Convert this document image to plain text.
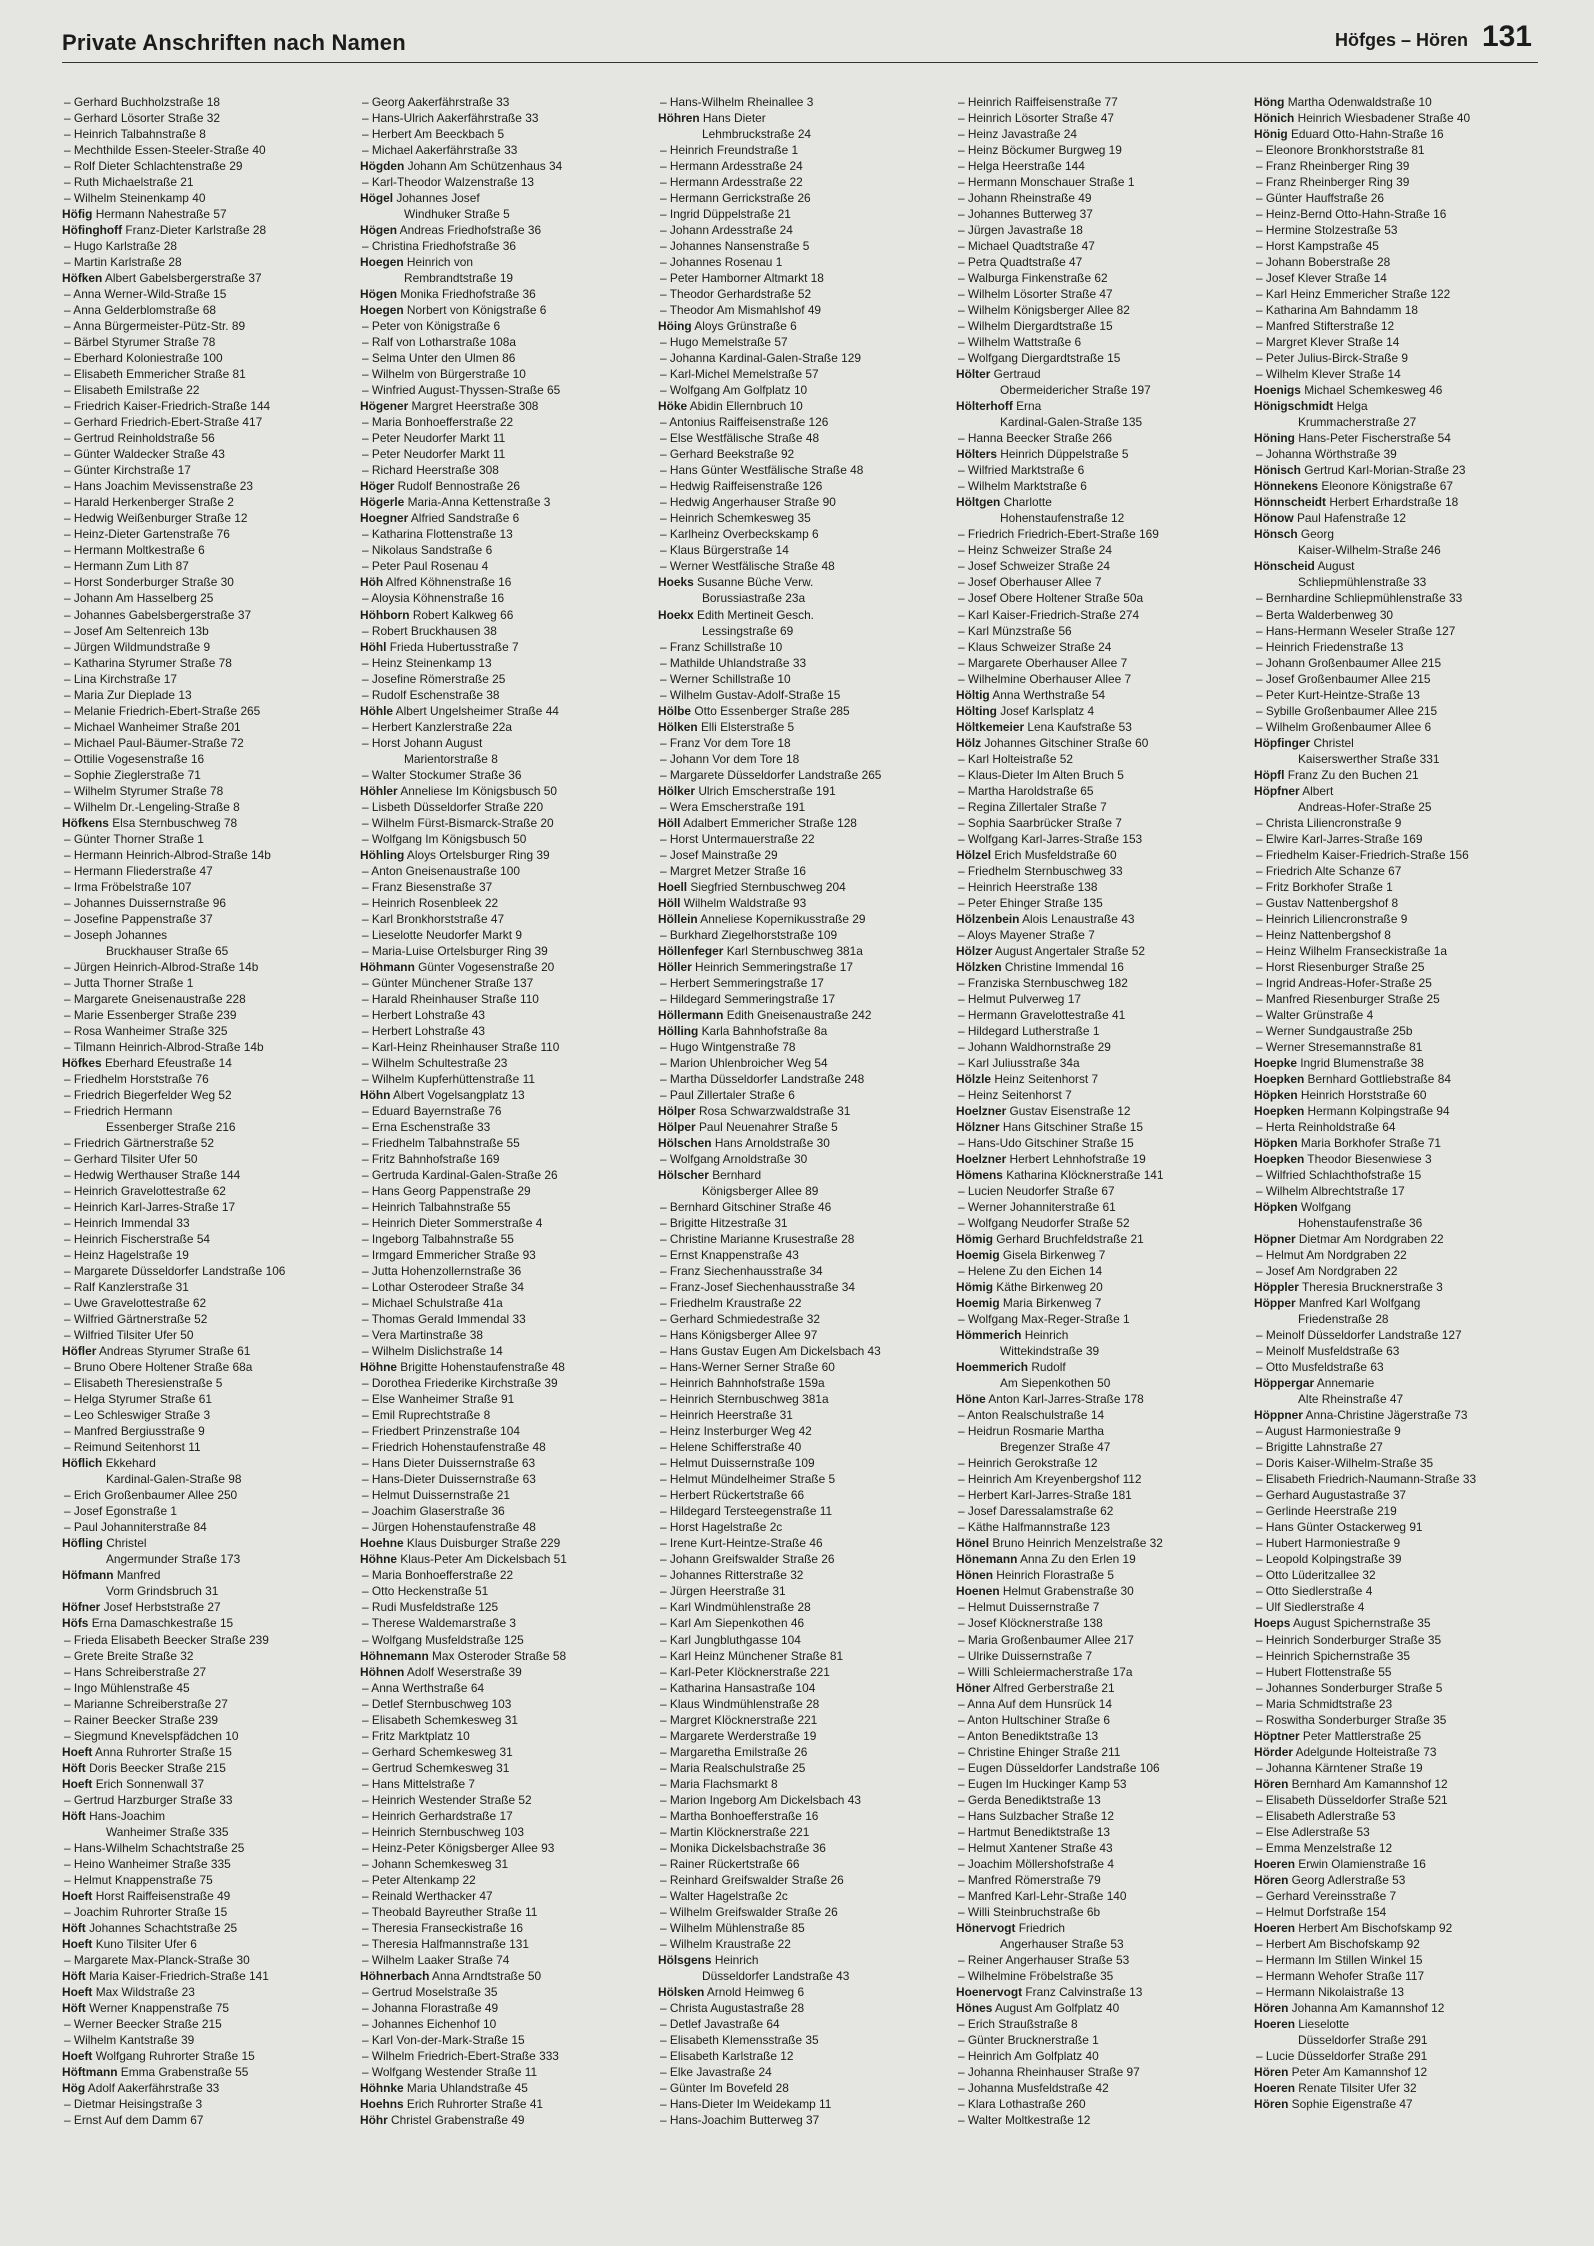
Private Anschriften nach Namen	Höfges – Hören 131
– Gerhard Buchholzstraße 18
– Gerhard Lösorter Straße 32
– Heinrich Talbahnstraße 8
– Mechthilde Essen-Steeler-Straße 40
– Rolf Dieter Schlachtenstraße 29
– Ruth Michaelstraße 21
– Wilhelm Steinenkamp 40
Höfig Hermann Nahestraße 57
Höfinghoff Franz-Dieter Karlstraße 28
– Hugo Karlstraße 28
– Martin Karlstraße 28
Höfken Albert Gabelsbergerstraße 37
– Anna Werner-Wild-Straße 15
– Anna Gelderblomstraße 68
– Anna Bürgermeister-Pütz-Str. 89
– Bärbel Styrumer Straße 78
– Eberhard Koloniestraße 100
– Elisabeth Emmericher Straße 81
– Elisabeth Emilstraße 22
– Friedrich Kaiser-Friedrich-Straße 144
– Gerhard Friedrich-Ebert-Straße 417
– Gertrud Reinholdstraße 56
– Günter Waldecker Straße 43
– Günter Kirchstraße 17
– Hans Joachim Mevissenstraße 23
– Harald Herkenberger Straße 2
– Hedwig Weißenburger Straße 12
– Heinz-Dieter Gartenstraße 76
– Hermann Moltkestraße 6
– Hermann Zum Lith 87
– Horst Sonderburger Straße 30
– Johann Am Hasselberg 25
– Johannes Gabelsbergerstraße 37
– Josef Am Seltenreich 13b
– Jürgen Wildmundstraße 9
– Katharina Styrumer Straße 78
– Lina Kirchstraße 17
– Maria Zur Dieplade 13
– Melanie Friedrich-Ebert-Straße 265
– Michael Wanheimer Straße 201
– Michael Paul-Bäumer-Straße 72
– Ottilie Vogesenstraße 16
– Sophie Zieglerstraße 71
– Wilhelm Styrumer Straße 78
– Wilhelm Dr.-Lengeling-Straße 8
Höfkens Elsa Sternbuschweg 78
– Günter Thorner Straße 1
– Hermann Heinrich-Albrod-Straße 14b
– Hermann Fliederstraße 47
– Irma Fröbelstraße 107
– Johannes Duissernstraße 96
– Josefine Pappenstraße 37
– Joseph Johannes
Bruckhauser Straße 65
– Jürgen Heinrich-Albrod-Straße 14b
– Jutta Thorner Straße 1
– Margarete Gneisenaustraße 228
– Marie Essenberger Straße 239
– Rosa Wanheimer Straße 325
– Tilmann Heinrich-Albrod-Straße 14b
Höfkes Eberhard Efeustraße 14
– Friedhelm Horststraße 76
– Friedrich Biegerfelder Weg 52
– Friedrich Hermann
Essenberger Straße 216
– Friedrich Gärtnerstraße 52
– Gerhard Tilsiter Ufer 50
– Hedwig Werthauser Straße 144
– Heinrich Gravelottestraße 62
– Heinrich Karl-Jarres-Straße 17
– Heinrich Immendal 33
– Heinrich Fischerstraße 54
– Heinz Hagelstraße 19
– Margarete Düsseldorfer Landstraße 106
– Ralf Kanzlerstraße 31
– Uwe Gravelottestraße 62
– Wilfried Gärtnerstraße 52
– Wilfried Tilsiter Ufer 50
Höfler Andreas Styrumer Straße 61
– Bruno Obere Holtener Straße 68a
– Elisabeth Theresienstraße 5
– Helga Styrumer Straße 61
– Leo Schleswiger Straße 3
– Manfred Bergiusstraße 9
– Reimund Seitenhorst 11
Höflich Ekkehard
Kardinal-Galen-Straße 98
– Erich Großenbaumer Allee 250
– Josef Egonstraße 1
– Paul Johanniterstraße 84
Höfling Christel
Angermunder Straße 173
Höfmann Manfred
Vorm Grindsbruch 31
Höfner Josef Herbststraße 27
Höfs Erna Damaschkestraße 15
– Frieda Elisabeth Beecker Straße 239
– Grete Breite Straße 32
– Hans Schreiberstraße 27
– Ingo Mühlenstraße 45
– Marianne Schreiberstraße 27
– Rainer Beecker Straße 239
– Siegmund Knevelspfädchen 10
Hoeft Anna Ruhrorter Straße 15
Höft Doris Beecker Straße 215
Hoeft Erich Sonnenwall 37
– Gertrud Harzburger Straße 33
Höft Hans-Joachim
Wanheimer Straße 335
– Hans-Wilhelm Schachtstraße 25
– Heino Wanheimer Straße 335
– Helmut Knappenstraße 75
Hoeft Horst Raiffeisenstraße 49
– Joachim Ruhrorter Straße 15
Höft Johannes Schachtstraße 25
Hoeft Kuno Tilsiter Ufer 6
– Margarete Max-Planck-Straße 30
Höft Maria Kaiser-Friedrich-Straße 141
Hoeft Max Wildstraße 23
Höft Werner Knappenstraße 75
– Werner Beecker Straße 215
– Wilhelm Kantstraße 39
Hoeft Wolfgang Ruhrorter Straße 15
Höftmann Emma Grabenstraße 55
Hög Adolf Aakerfährstraße 33
– Dietmar Heisingstraße 3
– Ernst Auf dem Damm 67
– Georg Aakerfährstraße 33
– Hans-Ulrich Aakerfährstraße 33
– Herbert Am Beeckbach 5
– Michael Aakerfährstraße 33
Högden Johann Am Schützenhaus 34
– Karl-Theodor Walzenstraße 13
Högel Johannes Josef
Windhuker Straße 5
Högen Andreas Friedhofstraße 36
– Christina Friedhofstraße 36
Hoegen Heinrich von
Rembrandtstraße 19
Högen Monika Friedhofstraße 36
Hoegen Norbert von Königstraße 6
– Peter von Königstraße 6
– Ralf von Lotharstraße 108a
– Selma Unter den Ulmen 86
– Wilhelm von Bürgerstraße 10
– Winfried August-Thyssen-Straße 65
Högener Margret Heerstraße 308
– Maria Bonhoefferstraße 22
– Peter Neudorfer Markt 11
– Peter Neudorfer Markt 11
– Richard Heerstraße 308
Höger Rudolf Bennostraße 26
Högerle Maria-Anna Kettenstraße 3
Hoegner Alfried Sandstraße 6
– Katharina Flottenstraße 13
– Nikolaus Sandstraße 6
– Peter Paul Rosenau 4
Höh Alfred Köhnenstraße 16
– Aloysia Köhnenstraße 16
Höhborn Robert Kalkweg 66
– Robert Bruckhausen 38
Höhl Frieda Hubertusstraße 7
– Heinz Steinenkamp 13
– Josefine Römerstraße 25
– Rudolf Eschenstraße 38
Höhle Albert Ungelsheimer Straße 44
– Herbert Kanzlerstraße 22a
– Horst Johann August
Marientorstraße 8
– Walter Stockumer Straße 36
Höhler Anneliese Im Königsbusch 50
– Lisbeth Düsseldorfer Straße 220
– Wilhelm Fürst-Bismarck-Straße 20
– Wolfgang Im Königsbusch 50
Höhling Aloys Ortelsburger Ring 39
– Anton Gneisenaustraße 100
– Franz Biesenstraße 37
– Heinrich Rosenbleek 22
– Karl Bronkhorststraße 47
– Lieselotte Neudorfer Markt 9
– Maria-Luise Ortelsburger Ring 39
Höhmann Günter Vogesenstraße 20
– Günter Münchener Straße 137
– Harald Rheinhauser Straße 110
– Herbert Lohstraße 43
– Herbert Lohstraße 43
– Karl-Heinz Rheinhauser Straße 110
– Wilhelm Schultestraße 23
– Wilhelm Kupferhüttenstraße 11
Höhn Albert Vogelsangplatz 13
– Eduard Bayernstraße 76
– Erna Eschenstraße 33
– Friedhelm Talbahnstraße 55
– Fritz Bahnhofstraße 169
– Gertruda Kardinal-Galen-Straße 26
– Hans Georg Pappenstraße 29
– Heinrich Talbahnstraße 55
– Heinrich Dieter Sommerstraße 4
– Ingeborg Talbahnstraße 55
– Irmgard Emmericher Straße 93
– Jutta Hohenzollernstraße 36
– Lothar Osterodeer Straße 34
– Michael Schulstraße 41a
– Thomas Gerald Immendal 33
– Vera Martinstraße 38
– Wilhelm Dislichstraße 14
Höhne Brigitte Hohenstaufenstraße 48
– Dorothea Friederike Kirchstraße 39
– Else Wanheimer Straße 91
– Emil Ruprechtstraße 8
– Friedbert Prinzenstraße 104
– Friedrich Hohenstaufenstraße 48
– Hans Dieter Duissernstraße 63
– Hans-Dieter Duissernstraße 63
– Helmut Duissernstraße 21
– Joachim Glaserstraße 36
– Jürgen Hohenstaufenstraße 48
Hoehne Klaus Duisburger Straße 229
Höhne Klaus-Peter Am Dickelsbach 51
– Maria Bonhoefferstraße 22
– Otto Heckenstraße 51
– Rudi Musfeldstraße 125
– Therese Waldemarstraße 3
– Wolfgang Musfeldstraße 125
Höhnemann Max Osteroder Straße 58
Höhnen Adolf Weserstraße 39
– Anna Werthstraße 64
– Detlef Sternbuschweg 103
– Elisabeth Schemkesweg 31
– Fritz Marktplatz 10
– Gerhard Schemkesweg 31
– Gertrud Schemkesweg 31
– Hans Mittelstraße 7
– Heinrich Westender Straße 52
– Heinrich Gerhardstraße 17
– Heinrich Sternbuschweg 103
– Heinz-Peter Königsberger Allee 93
– Johann Schemkesweg 31
– Peter Altenkamp 22
– Reinald Werthacker 47
– Theobald Bayreuther Straße 11
– Theresia Franseckistraße 16
– Theresia Halfmannstraße 131
– Wilhelm Laaker Straße 74
Höhnerbach Anna Arndtstraße 50
– Gertrud Moselstraße 35
– Johanna Florastraße 49
– Johannes Eichenhof 10
– Karl Von-der-Mark-Straße 15
– Wilhelm Friedrich-Ebert-Straße 333
– Wolfgang Westender Straße 11
Höhnke Maria Uhlandstraße 45
Hoehns Erich Ruhrorter Straße 41
Höhr Christel Grabenstraße 49
– Hans-Wilhelm Rheinallee 3
Höhren Hans Dieter
Lehmbruckstraße 24
– Heinrich Freundstraße 1
– Hermann Ardesstraße 24
– Hermann Ardesstraße 22
– Hermann Gerrickstraße 26
– Ingrid Düppelstraße 21
– Johann Ardesstraße 24
– Johannes Nansenstraße 5
– Johannes Rosenau 1
– Peter Hamborner Altmarkt 18
– Theodor Gerhardstraße 52
– Theodor Am Mismahlshof 49
Höing Aloys Grünstraße 6
– Hugo Memelstraße 57
– Johanna Kardinal-Galen-Straße 129
– Karl-Michel Memelstraße 57
– Wolfgang Am Golfplatz 10
Höke Abidin Ellernbruch 10
– Antonius Raiffeisenstraße 126
– Else Westfälische Straße 48
– Gerhard Beekstraße 92
– Hans Günter Westfälische Straße 48
– Hedwig Raiffeisenstraße 126
– Hedwig Angerhauser Straße 90
– Heinrich Schemkesweg 35
– Karlheinz Overbeckskamp 6
– Klaus Bürgerstraße 14
– Werner Westfälische Straße 48
Hoeks Susanne Büche Verw.
Borussiastraße 23a
Hoekx Edith Mertineit Gesch.
Lessingstraße 69
– Franz Schillstraße 10
– Mathilde Uhlandstraße 33
– Werner Schillstraße 10
– Wilhelm Gustav-Adolf-Straße 15
Hölbe Otto Essenberger Straße 285
Hölken Elli Elsterstraße 5
– Franz Vor dem Tore 18
– Johann Vor dem Tore 18
– Margarete Düsseldorfer Landstraße 265
Hölker Ulrich Emscherstraße 191
– Wera Emscherstraße 191
Höll Adalbert Emmericher Straße 128
– Horst Untermauerstraße 22
– Josef Mainstraße 29
– Margret Metzer Straße 16
Hoell Siegfried Sternbuschweg 204
Höll Wilhelm Waldstraße 93
Höllein Anneliese Kopernikusstraße 29
– Burkhard Ziegelhorststraße 109
Höllenfeger Karl Sternbuschweg 381a
Höller Heinrich Semmeringstraße 17
– Herbert Semmeringstraße 17
– Hildegard Semmeringstraße 17
Höllermann Edith Gneisenaustraße 242
Hölling Karla Bahnhofstraße 8a
– Hugo Wintgenstraße 78
– Marion Uhlenbroicher Weg 54
– Martha Düsseldorfer Landstraße 248
– Paul Zillertaler Straße 6
Hölper Rosa Schwarzwaldstraße 31
Hölper Paul Neuenahrer Straße 5
Hölschen Hans Arnoldstraße 30
– Wolfgang Arnoldstraße 30
Hölscher Bernhard
Königsberger Allee 89
– Bernhard Gitschiner Straße 46
– Brigitte Hitzestraße 31
– Christine Marianne Krusestraße 28
– Ernst Knappenstraße 43
– Franz Siechenhausstraße 34
– Franz-Josef Siechenhausstraße 34
– Friedhelm Kraustraße 22
– Gerhard Schmiedestraße 32
– Hans Königsberger Allee 97
– Hans Gustav Eugen Am Dickelsbach 43
– Hans-Werner Serner Straße 60
– Heinrich Bahnhofstraße 159a
– Heinrich Sternbuschweg 381a
– Heinrich Heerstraße 31
– Heinz Insterburger Weg 42
– Helene Schifferstraße 40
– Helmut Duissernstraße 109
– Helmut Mündelheimer Straße 5
– Herbert Rückertstraße 66
– Hildegard Tersteegenstraße 11
– Horst Hagelstraße 2c
– Irene Kurt-Heintze-Straße 46
– Johann Greifswalder Straße 26
– Johannes Ritterstraße 32
– Jürgen Heerstraße 31
– Karl Windmühlenstraße 28
– Karl Am Siepenkothen 46
– Karl Jungbluthgasse 104
– Karl Heinz Münchener Straße 81
– Karl-Peter Klöcknerstraße 221
– Katharina Hansastraße 104
– Klaus Windmühlenstraße 28
– Margret Klöcknerstraße 221
– Margarete Werderstraße 19
– Margaretha Emilstraße 26
– Maria Realschulstraße 25
– Maria Flachsmarkt 8
– Marion Ingeborg Am Dickelsbach 43
– Martha Bonhoefferstraße 16
– Martin Klöcknerstraße 221
– Monika Dickelsbachstraße 36
– Rainer Rückertstraße 66
– Reinhard Greifswalder Straße 26
– Walter Hagelstraße 2c
– Wilhelm Greifswalder Straße 26
– Wilhelm Mühlenstraße 85
– Wilhelm Kraustraße 22
Hölsgens Heinrich
Düsseldorfer Landstraße 43
Hölsken Arnold Heimweg 6
– Christa Augustastraße 28
– Detlef Javastraße 64
– Elisabeth Klemensstraße 35
– Elisabeth Karlstraße 12
– Elke Javastraße 24
– Günter Im Bovefeld 28
– Hans-Dieter Im Weidekamp 11
– Hans-Joachim Butterweg 37
– Heinrich Raiffeisenstraße 77
– Heinrich Lösorter Straße 47
– Heinz Javastraße 24
– Heinz Böckumer Burgweg 19
– Helga Heerstraße 144
– Hermann Monschauer Straße 1
– Johann Rheinstraße 49
– Johannes Butterweg 37
– Jürgen Javastraße 18
– Michael Quadtstraße 47
– Petra Quadtstraße 47
– Walburga Finkenstraße 62
– Wilhelm Lösorter Straße 47
– Wilhelm Königsberger Allee 82
– Wilhelm Diergardtstraße 15
– Wilhelm Wattstraße 6
– Wolfgang Diergardtstraße 15
Hölter Gertraud
Obermeidericher Straße 197
Hölterhoff Erna
Kardinal-Galen-Straße 135
– Hanna Beecker Straße 266
Hölters Heinrich Düppelstraße 5
– Wilfried Marktstraße 6
– Wilhelm Marktstraße 6
Höltgen Charlotte
Hohenstaufenstraße 12
– Friedrich Friedrich-Ebert-Straße 169
– Heinz Schweizer Straße 24
– Josef Schweizer Straße 24
– Josef Oberhauser Allee 7
– Josef Obere Holtener Straße 50a
– Karl Kaiser-Friedrich-Straße 274
– Karl Münzstraße 56
– Klaus Schweizer Straße 24
– Margarete Oberhauser Allee 7
– Wilhelmine Oberhauser Allee 7
Höltig Anna Werthstraße 54
Hölting Josef Karlsplatz 4
Höltkemeier Lena Kaufstraße 53
Hölz Johannes Gitschiner Straße 60
– Karl Holteistraße 52
– Klaus-Dieter Im Alten Bruch 5
– Martha Haroldstraße 65
– Regina Zillertaler Straße 7
– Sophia Saarbrücker Straße 7
– Wolfgang Karl-Jarres-Straße 153
Hölzel Erich Musfeldstraße 60
– Friedhelm Sternbuschweg 33
– Heinrich Heerstraße 138
– Peter Ehinger Straße 135
Hölzenbein Alois Lenaustraße 43
– Aloys Mayener Straße 7
Hölzer August Angertaler Straße 52
Hölzken Christine Immendal 16
– Franziska Sternbuschweg 182
– Helmut Pulverweg 17
– Hermann Gravelottestraße 41
– Hildegard Lutherstraße 1
– Johann Waldhornstraße 29
– Karl Juliusstraße 34a
Hölzle Heinz Seitenhorst 7
– Heinz Seitenhorst 7
Hoelzner Gustav Eisenstraße 12
Hölzner Hans Gitschiner Straße 15
– Hans-Udo Gitschiner Straße 15
Hoelzner Herbert Lehnhofstraße 19
Hömens Katharina Klöcknerstraße 141
– Lucien Neudorfer Straße 67
– Werner Johanniterstraße 61
– Wolfgang Neudorfer Straße 52
Hömig Gerhard Bruchfeldstraße 21
Hoemig Gisela Birkenweg 7
– Helene Zu den Eichen 14
Hömig Käthe Birkenweg 20
Hoemig Maria Birkenweg 7
– Wolfgang Max-Reger-Straße 1
Hömmerich Heinrich
Wittekindstraße 39
Hoemmerich Rudolf
Am Siepenkothen 50
Höne Anton Karl-Jarres-Straße 178
– Anton Realschulstraße 14
– Heidrun Rosmarie Martha
Bregenzer Straße 47
– Heinrich Gerokstraße 12
– Heinrich Am Kreyenbergshof 112
– Herbert Karl-Jarres-Straße 181
– Josef Daressalamstraße 62
– Käthe Halfmannstraße 123
Hönel Bruno Heinrich Menzelstraße 32
Hönemann Anna Zu den Erlen 19
Hönen Heinrich Florastraße 5
Hoenen Helmut Grabenstraße 30
– Helmut Duissernstraße 7
– Josef Klöcknerstraße 138
– Maria Großenbaumer Allee 217
– Ulrike Duissernstraße 7
– Willi Schleiermacherstraße 17a
Höner Alfred Gerberstraße 21
– Anna Auf dem Hunsrück 14
– Anton Hultschiner Straße 6
– Anton Benediktstraße 13
– Christine Ehinger Straße 211
– Eugen Düsseldorfer Landstraße 106
– Eugen Im Huckinger Kamp 53
– Gerda Benediktstraße 13
– Hans Sulzbacher Straße 12
– Hartmut Benediktstraße 13
– Helmut Xantener Straße 43
– Joachim Möllershofstraße 4
– Manfred Römerstraße 79
– Manfred Karl-Lehr-Straße 140
– Willi Steinbruchstraße 6b
Hönervogt Friedrich
Angerhauser Straße 53
– Reiner Angerhauser Straße 53
– Wilhelmine Fröbelstraße 35
Hoenervogt Franz Calvinstraße 13
Hönes August Am Golfplatz 40
– Erich Straußstraße 8
– Günter Brucknerstraße 1
– Heinrich Am Golfplatz 40
– Johanna Rheinhauser Straße 97
– Johanna Musfeldstraße 42
– Klara Lothastraße 260
– Walter Moltkestraße 12
Höng Martha Odenwaldstraße 10
Hönich Heinrich Wiesbadener Straße 40
Hönig Eduard Otto-Hahn-Straße 16
– Eleonore Bronkhorststraße 81
– Franz Rheinberger Ring 39
– Franz Rheinberger Ring 39
– Günter Hauffstraße 26
– Heinz-Bernd Otto-Hahn-Straße 16
– Hermine Stolzestraße 53
– Horst Kampstraße 45
– Johann Boberstraße 28
– Josef Klever Straße 14
– Karl Heinz Emmericher Straße 122
– Katharina Am Bahndamm 18
– Manfred Stifterstraße 12
– Margret Klever Straße 14
– Peter Julius-Birck-Straße 9
– Wilhelm Klever Straße 14
Hoenigs Michael Schemkesweg 46
Hönigschmidt Helga
Krummacherstraße 27
Höning Hans-Peter Fischerstraße 54
– Johanna Wörthstraße 39
Hönisch Gertrud Karl-Morian-Straße 23
Hönnekens Eleonore Königstraße 67
Hönnscheidt Herbert Erhardstraße 18
Hönow Paul Hafenstraße 12
Hönsch Georg
Kaiser-Wilhelm-Straße 246
Hönscheid August
Schliepmühlenstraße 33
– Bernhardine Schliepmühlenstraße 33
– Berta Walderbenweg 30
– Hans-Hermann Weseler Straße 127
– Heinrich Friedenstraße 13
– Johann Großenbaumer Allee 215
– Josef Großenbaumer Allee 215
– Peter Kurt-Heintze-Straße 13
– Sybille Großenbaumer Allee 215
– Wilhelm Großenbaumer Allee 6
Höpfinger Christel
Kaiserswerther Straße 331
Höpfl Franz Zu den Buchen 21
Höpfner Albert
Andreas-Hofer-Straße 25
– Christa Liliencronstraße 9
– Elwire Karl-Jarres-Straße 169
– Friedhelm Kaiser-Friedrich-Straße 156
– Friedrich Alte Schanze 67
– Fritz Borkhofer Straße 1
– Gustav Nattenbergshof 8
– Heinrich Liliencronstraße 9
– Heinz Nattenbergshof 8
– Heinz Wilhelm Franseckistraße 1a
– Horst Riesenburger Straße 25
– Ingrid Andreas-Hofer-Straße 25
– Manfred Riesenburger Straße 25
– Walter Grünstraße 4
– Werner Sundgaustraße 25b
– Werner Stresemannstraße 81
Hoepke Ingrid Blumenstraße 38
Hoepken Bernhard Gottliebstraße 84
Höpken Heinrich Horststraße 60
Hoepken Hermann Kolpingstraße 94
– Herta Reinholdstraße 64
Höpken Maria Borkhofer Straße 71
Hoepken Theodor Biesenwiese 3
– Wilfried Schlachthofstraße 15
– Wilhelm Albrechtstraße 17
Höpken Wolfgang
Hohenstaufenstraße 36
Höpner Dietmar Am Nordgraben 22
– Helmut Am Nordgraben 22
– Josef Am Nordgraben 22
Höppler Theresia Brucknerstraße 3
Höpper Manfred Karl Wolfgang
Friedenstraße 28
– Meinolf Düsseldorfer Landstraße 127
– Meinolf Musfeldstraße 63
– Otto Musfeldstraße 63
Höppergar Annemarie
Alte Rheinstraße 47
Höppner Anna-Christine Jägerstraße 73
– August Harmoniestraße 9
– Brigitte Lahnstraße 27
– Doris Kaiser-Wilhelm-Straße 35
– Elisabeth Friedrich-Naumann-Straße 33
– Gerhard Augustastraße 37
– Gerlinde Heerstraße 219
– Hans Günter Ostackerweg 91
– Hubert Harmoniestraße 9
– Leopold Kolpingstraße 39
– Otto Lüderitzallee 32
– Otto Siedlerstraße 4
– Ulf Siedlerstraße 4
Hoeps August Spichernstraße 35
– Heinrich Sonderburger Straße 35
– Heinrich Spichernstraße 35
– Hubert Flottenstraße 55
– Johannes Sonderburger Straße 5
– Maria Schmidtstraße 23
– Roswitha Sonderburger Straße 35
Höptner Peter Mattlerstraße 25
Hörder Adelgunde Holteistraße 73
– Johanna Kärntener Straße 19
Hören Bernhard Am Kamannshof 12
– Elisabeth Düsseldorfer Straße 521
– Elisabeth Adlerstraße 53
– Else Adlerstraße 53
– Emma Menzelstraße 12
Hoeren Erwin Olamienstraße 16
Hören Georg Adlerstraße 53
– Gerhard Vereinsstraße 7
– Helmut Dorfstraße 154
Hoeren Herbert Am Bischofskamp 92
– Herbert Am Bischofskamp 92
– Hermann Im Stillen Winkel 15
– Hermann Wehofer Straße 117
– Hermann Nikolaistraße 13
Hören Johanna Am Kamannshof 12
Hoeren Lieselotte
Düsseldorfer Straße 291
– Lucie Düsseldorfer Straße 291
Hören Peter Am Kamannshof 12
Hoeren Renate Tilsiter Ufer 32
Hören Sophie Eigenstraße 47
